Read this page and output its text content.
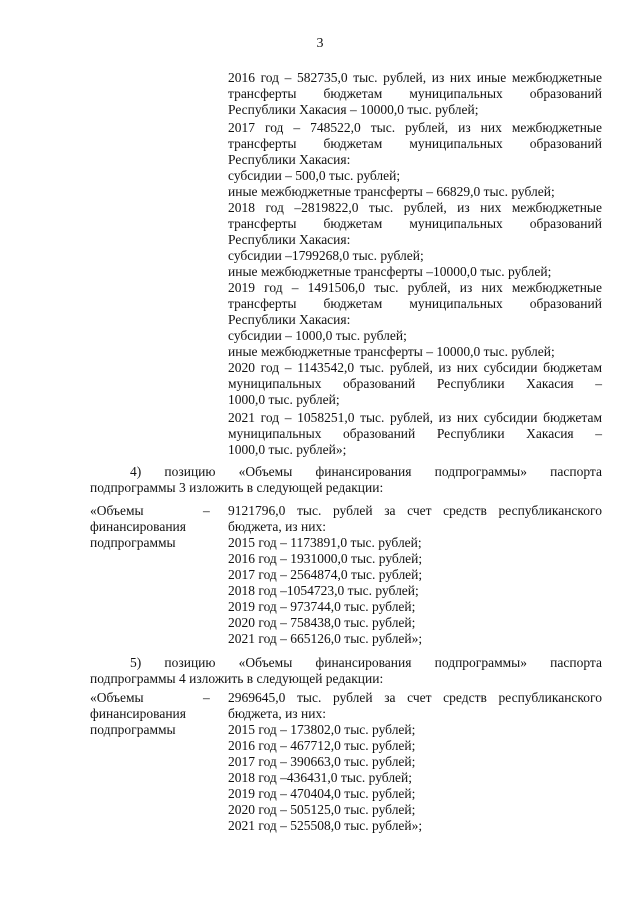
3
2016 год – 582735,0 тыс. рублей, из них иные межбюджетные
трансферты бюджетам муниципальных образований
Республики Хакасия – 10000,0 тыс. рублей;
2017 год – 748522,0 тыс. рублей, из них межбюджетные
трансферты бюджетам муниципальных образований
Республики Хакасия:
субсидии – 500,0 тыс. рублей;
иные межбюджетные трансферты – 66829,0 тыс. рублей;
2018 год –2819822,0 тыс. рублей, из них межбюджетные
трансферты бюджетам муниципальных образований
Республики Хакасия:
субсидии –1799268,0 тыс. рублей;
иные межбюджетные трансферты –10000,0 тыс. рублей;
2019 год – 1491506,0 тыс. рублей, из них межбюджетные
трансферты бюджетам муниципальных образований
Республики Хакасия:
субсидии – 1000,0 тыс. рублей;
иные межбюджетные трансферты – 10000,0 тыс. рублей;
2020 год – 1143542,0 тыс. рублей, из них субсидии бюджетам
муниципальных образований Республики Хакасия –
1000,0 тыс. рублей;
2021 год – 1058251,0 тыс. рублей, из них субсидии бюджетам
муниципальных образований Республики Хакасия –
1000,0 тыс. рублей»;
4) позицию «Объемы финансирования подпрограммы» паспорта
подпрограммы 3 изложить в следующей редакции:
«Объемы
финансирования
подпрограммы
– 9121796,0 тыс. рублей за счет средств республиканского
бюджета, из них:
2015 год – 1173891,0 тыс. рублей;
2016 год – 1931000,0 тыс. рублей;
2017 год – 2564874,0 тыс. рублей;
2018 год –1054723,0 тыс. рублей;
2019 год – 973744,0 тыс. рублей;
2020 год – 758438,0 тыс. рублей;
2021 год – 665126,0 тыс. рублей»;
5) позицию «Объемы финансирования подпрограммы» паспорта
подпрограммы 4 изложить в следующей редакции:
«Объемы
финансирования
подпрограммы
– 2969645,0 тыс. рублей за счет средств республиканского
бюджета, из них:
2015 год – 173802,0 тыс. рублей;
2016 год – 467712,0 тыс. рублей;
2017 год – 390663,0 тыс. рублей;
2018 год –436431,0 тыс. рублей;
2019 год – 470404,0 тыс. рублей;
2020 год – 505125,0 тыс. рублей;
2021 год – 525508,0 тыс. рублей»;
